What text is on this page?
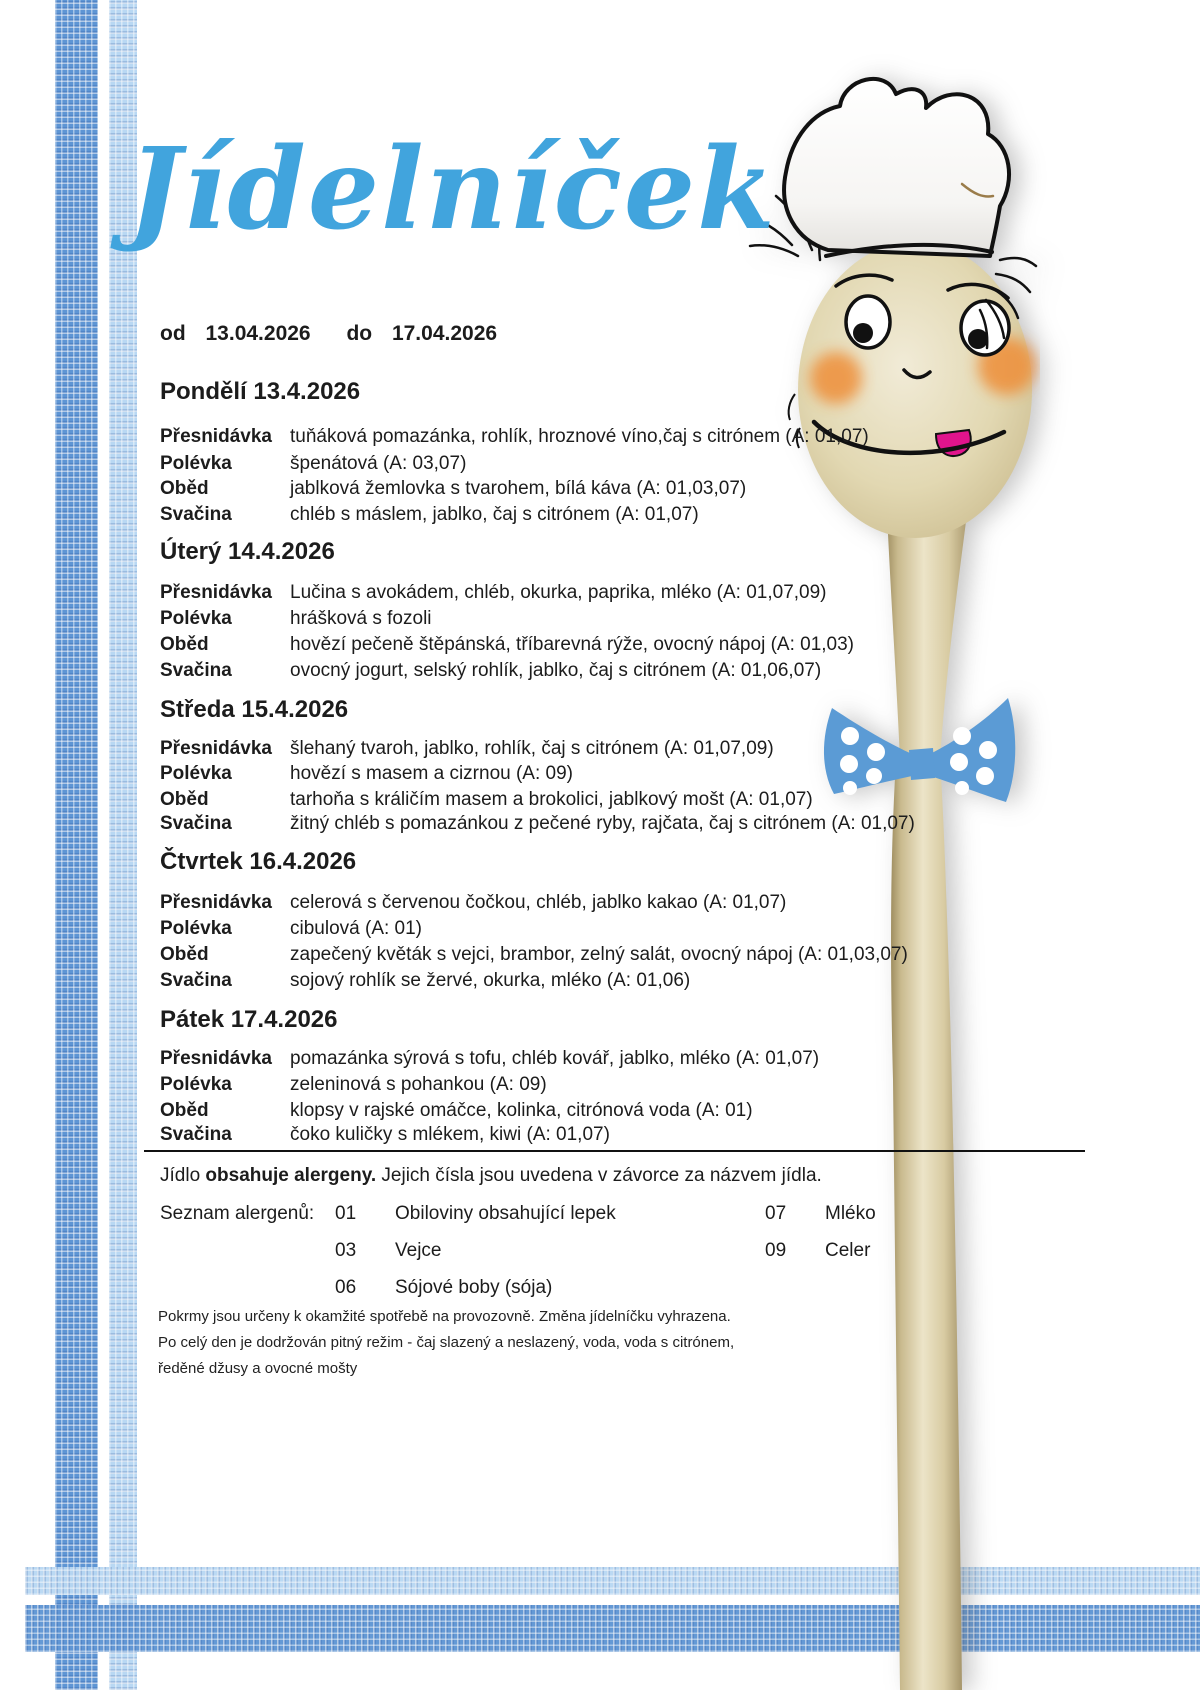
Jídelníček
od 13.04.2026 do 17.04.2026
Pondělí 13.4.2026
Přesnidávka tuňáková pomazánka, rohlík, hroznové víno,čaj s citrónem (A: 01,07)
Polévka	špenátová (A: 03,07)
Oběd	jablková žemlovka s tvarohem, bílá káva (A: 01,03,07)
Svačina	chléb s máslem, jablko, čaj s citrónem (A: 01,07)
Úterý 14.4.2026
Přesnidávka Lučina s avokádem, chléb, okurka, paprika, mléko (A: 01,07,09)
Polévka	hrášková s fozoli
Oběd	hovězí pečeně štěpánská, tříbarevná rýže, ovocný nápoj (A: 01,03)
Svačina	ovocný jogurt, selský rohlík, jablko, čaj s citrónem (A: 01,06,07)
Středa 15.4.2026
Přesnidávka šlehaný tvaroh, jablko, rohlík, čaj s citrónem (A: 01,07,09)
Polévka	hovězí s masem a cizrnou (A: 09)
Oběd	tarhoňa s králičím masem a brokolici, jablkový mošt (A: 01,07)
Svačina	žitný chléb s pomazánkou z pečené ryby, rajčata, čaj s citrónem (A: 01,07)
Čtvrtek 16.4.2026
Přesnidávka celerová s červenou čočkou, chléb, jablko kakao (A: 01,07)
Polévka	cibulová (A: 01)
Oběd	zapečený květák s vejci, brambor, zelný salát, ovocný nápoj (A: 01,03,07)
Svačina	sojový rohlík se žervé, okurka, mléko (A: 01,06)
Pátek 17.4.2026
Přesnidávka pomazánka sýrová s tofu, chléb kovář, jablko, mléko (A: 01,07)
Polévka	zeleninová s pohankou (A: 09)
Oběd	klopsy v rajské omáčce, kolinka, citrónová voda (A: 01)
Svačina	čoko kuličky s mlékem, kiwi (A: 01,07)
Jídlo obsahuje alergeny. Jejich čísla jsou uvedena v závorce za názvem jídla.
Seznam alergenů: 01 Obiloviny obsahující lepek	07 Mléko
03 Vejce	09 Celer
06 Sójové boby (sója)
Pokrmy jsou určeny k okamžité spotřebě na provozovně. Změna jídelníčku vyhrazena.
Po celý den je dodržován pitný režim - čaj slazený a neslazený, voda, voda s citrónem,
ředěné džusy a ovocné mošty
